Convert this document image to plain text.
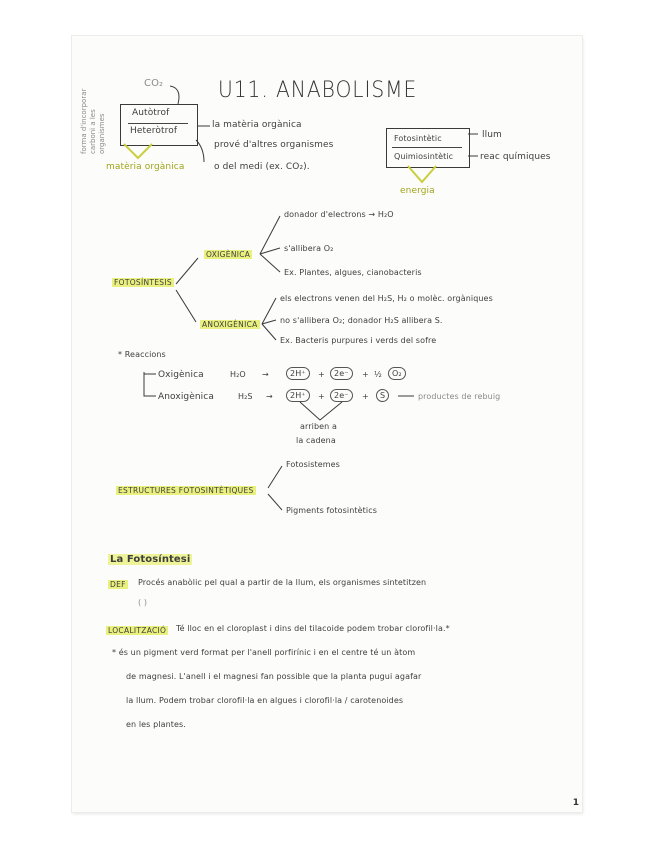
forma d'incorporar carboni a les organismes
U11. ANABOLISME
CO₂
Autòtrof
Heteròtrof
matèria orgànica
la matèria orgànica
prové d'altres organismes
o del medi (ex. CO₂).
Fotosintètic
Quimiosintètic
llum
reac químiques
energia
FOTOSÍNTESIS
OXIGÈNICA
donador d'electrons → H₂O
s'allibera O₂
Ex. Plantes, algues, cianobacteris
ANOXIGÈNICA
els electrons venen del H₂S, H₂ o molèc. orgàniques
no s'allibera O₂; donador H₂S allibera S.
Ex. Bacteris purpures i verds del sofre
* Reaccions
Oxigènica	H₂O →	2H⁺	+	2e⁻	+ ½	O₂
Anoxigènica	H₂S →	2H⁺	+	2e⁻	+	S	productes de rebuig
arriben a
la cadena
ESTRUCTURES FOTOSINTÈTIQUES
Fotosistemes
Pigments fotosintètics
La Fotosíntesi
DEF Procés anabòlic pel qual a partir de la llum, els organismes sintetitzen
( )
LOCALITZACIÓ Té lloc en el cloroplast i dins del tilacoide podem trobar clorofil·la.*
* és un pigment verd format per l'anell porfirínic i en el centre té un àtom
de magnesi. L'anell i el magnesi fan possible que la planta pugui agafar
la llum. Podem trobar clorofil·la en algues i clorofil·la / carotenoides
en les plantes.
1
